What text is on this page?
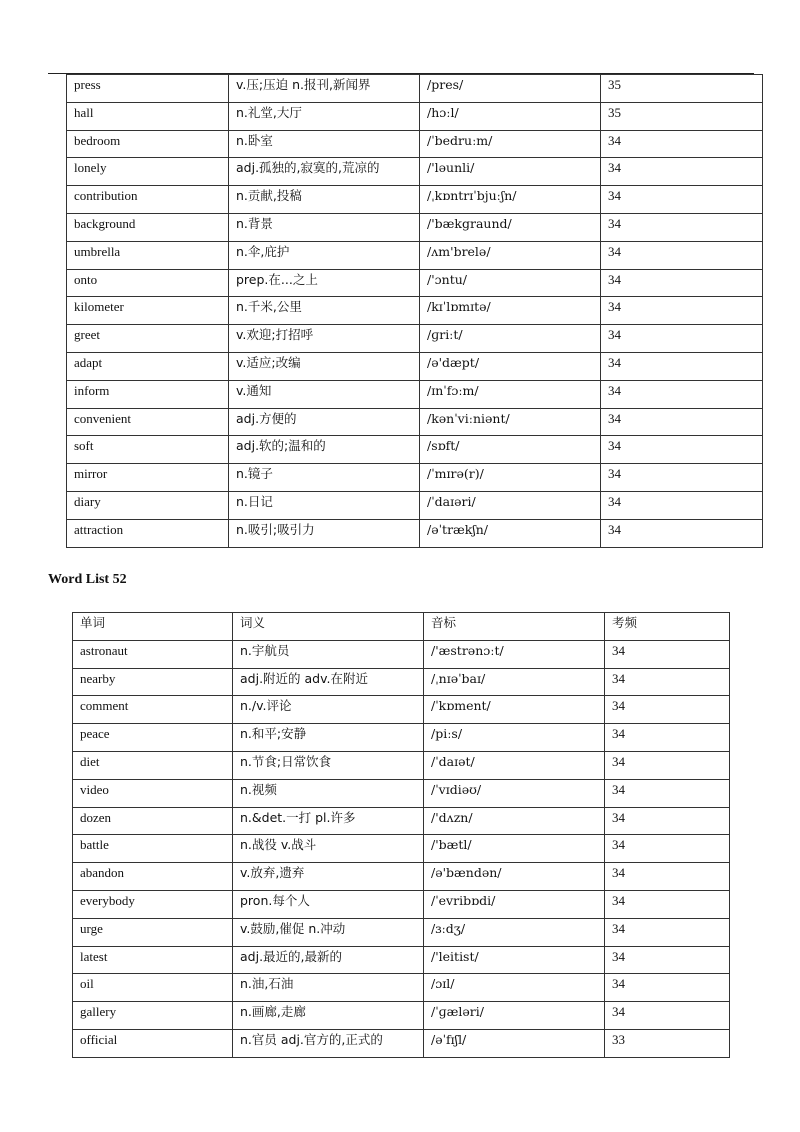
press	v.压;压迫 n.报刊,新闻界	/pres/	35
hall	n.礼堂,大厅	/hɔːl/	35
bedroom	n.卧室	/ˈbedruːm/	34
lonely	adj.孤独的,寂寞的,荒凉的	/'ləunli/	34
contribution	n.贡献,投稿	/ˌkɒntrɪˈbjuːʃn/	34
background	n.背景	/'bækgraund/	34
umbrella	n.伞,庇护	/ʌm'brelə/	34
onto	prep.在...之上	/'ɔntu/	34
kilometer	n.千米,公里	/kɪˈlɒmɪtə/	34
greet	v.欢迎;打招呼	/ɡriːt/	34
adapt	v.适应;改编	/ə'dæpt/	34
inform	v.通知	/ɪnˈfɔːm/	34
convenient	adj.方便的	/kənˈviːniənt/	34
soft	adj.软的;温和的	/sɒft/	34
mirror	n.镜子	/ˈmɪrə(r)/	34
diary	n.日记	/ˈdaɪəri/	34
attraction	n.吸引;吸引力	/əˈtrækʃn/	34
Word List 52
单词	词义	音标	考频
astronaut	n.宇航员	/'æstrənɔːt/	34
nearby	adj.附近的 adv.在附近	/ˌnɪəˈbaɪ/	34
comment	n./v.评论	/ˈkɒment/	34
peace	n.和平;安静	/piːs/	34
diet	n.节食;日常饮食	/ˈdaɪət/	34
video	n.视频	/ˈvɪdiəʊ/	34
dozen	n.&det.一打 pl.许多	/'dʌzn/	34
battle	n.战役 v.战斗	/'bætl/	34
abandon	v.放弃,遗弃	/ə'bændən/	34
everybody	pron.每个人	/ˈevribɒdi/	34
urge	v.鼓励,催促 n.冲动	/ɜːdʒ/	34
latest	adj.最近的,最新的	/'leitist/	34
oil	n.油,石油	/ɔɪl/	34
gallery	n.画廊,走廊	/ˈɡæləri/	34
official	n.官员 adj.官方的,正式的	/əˈfɪʃl/	33
